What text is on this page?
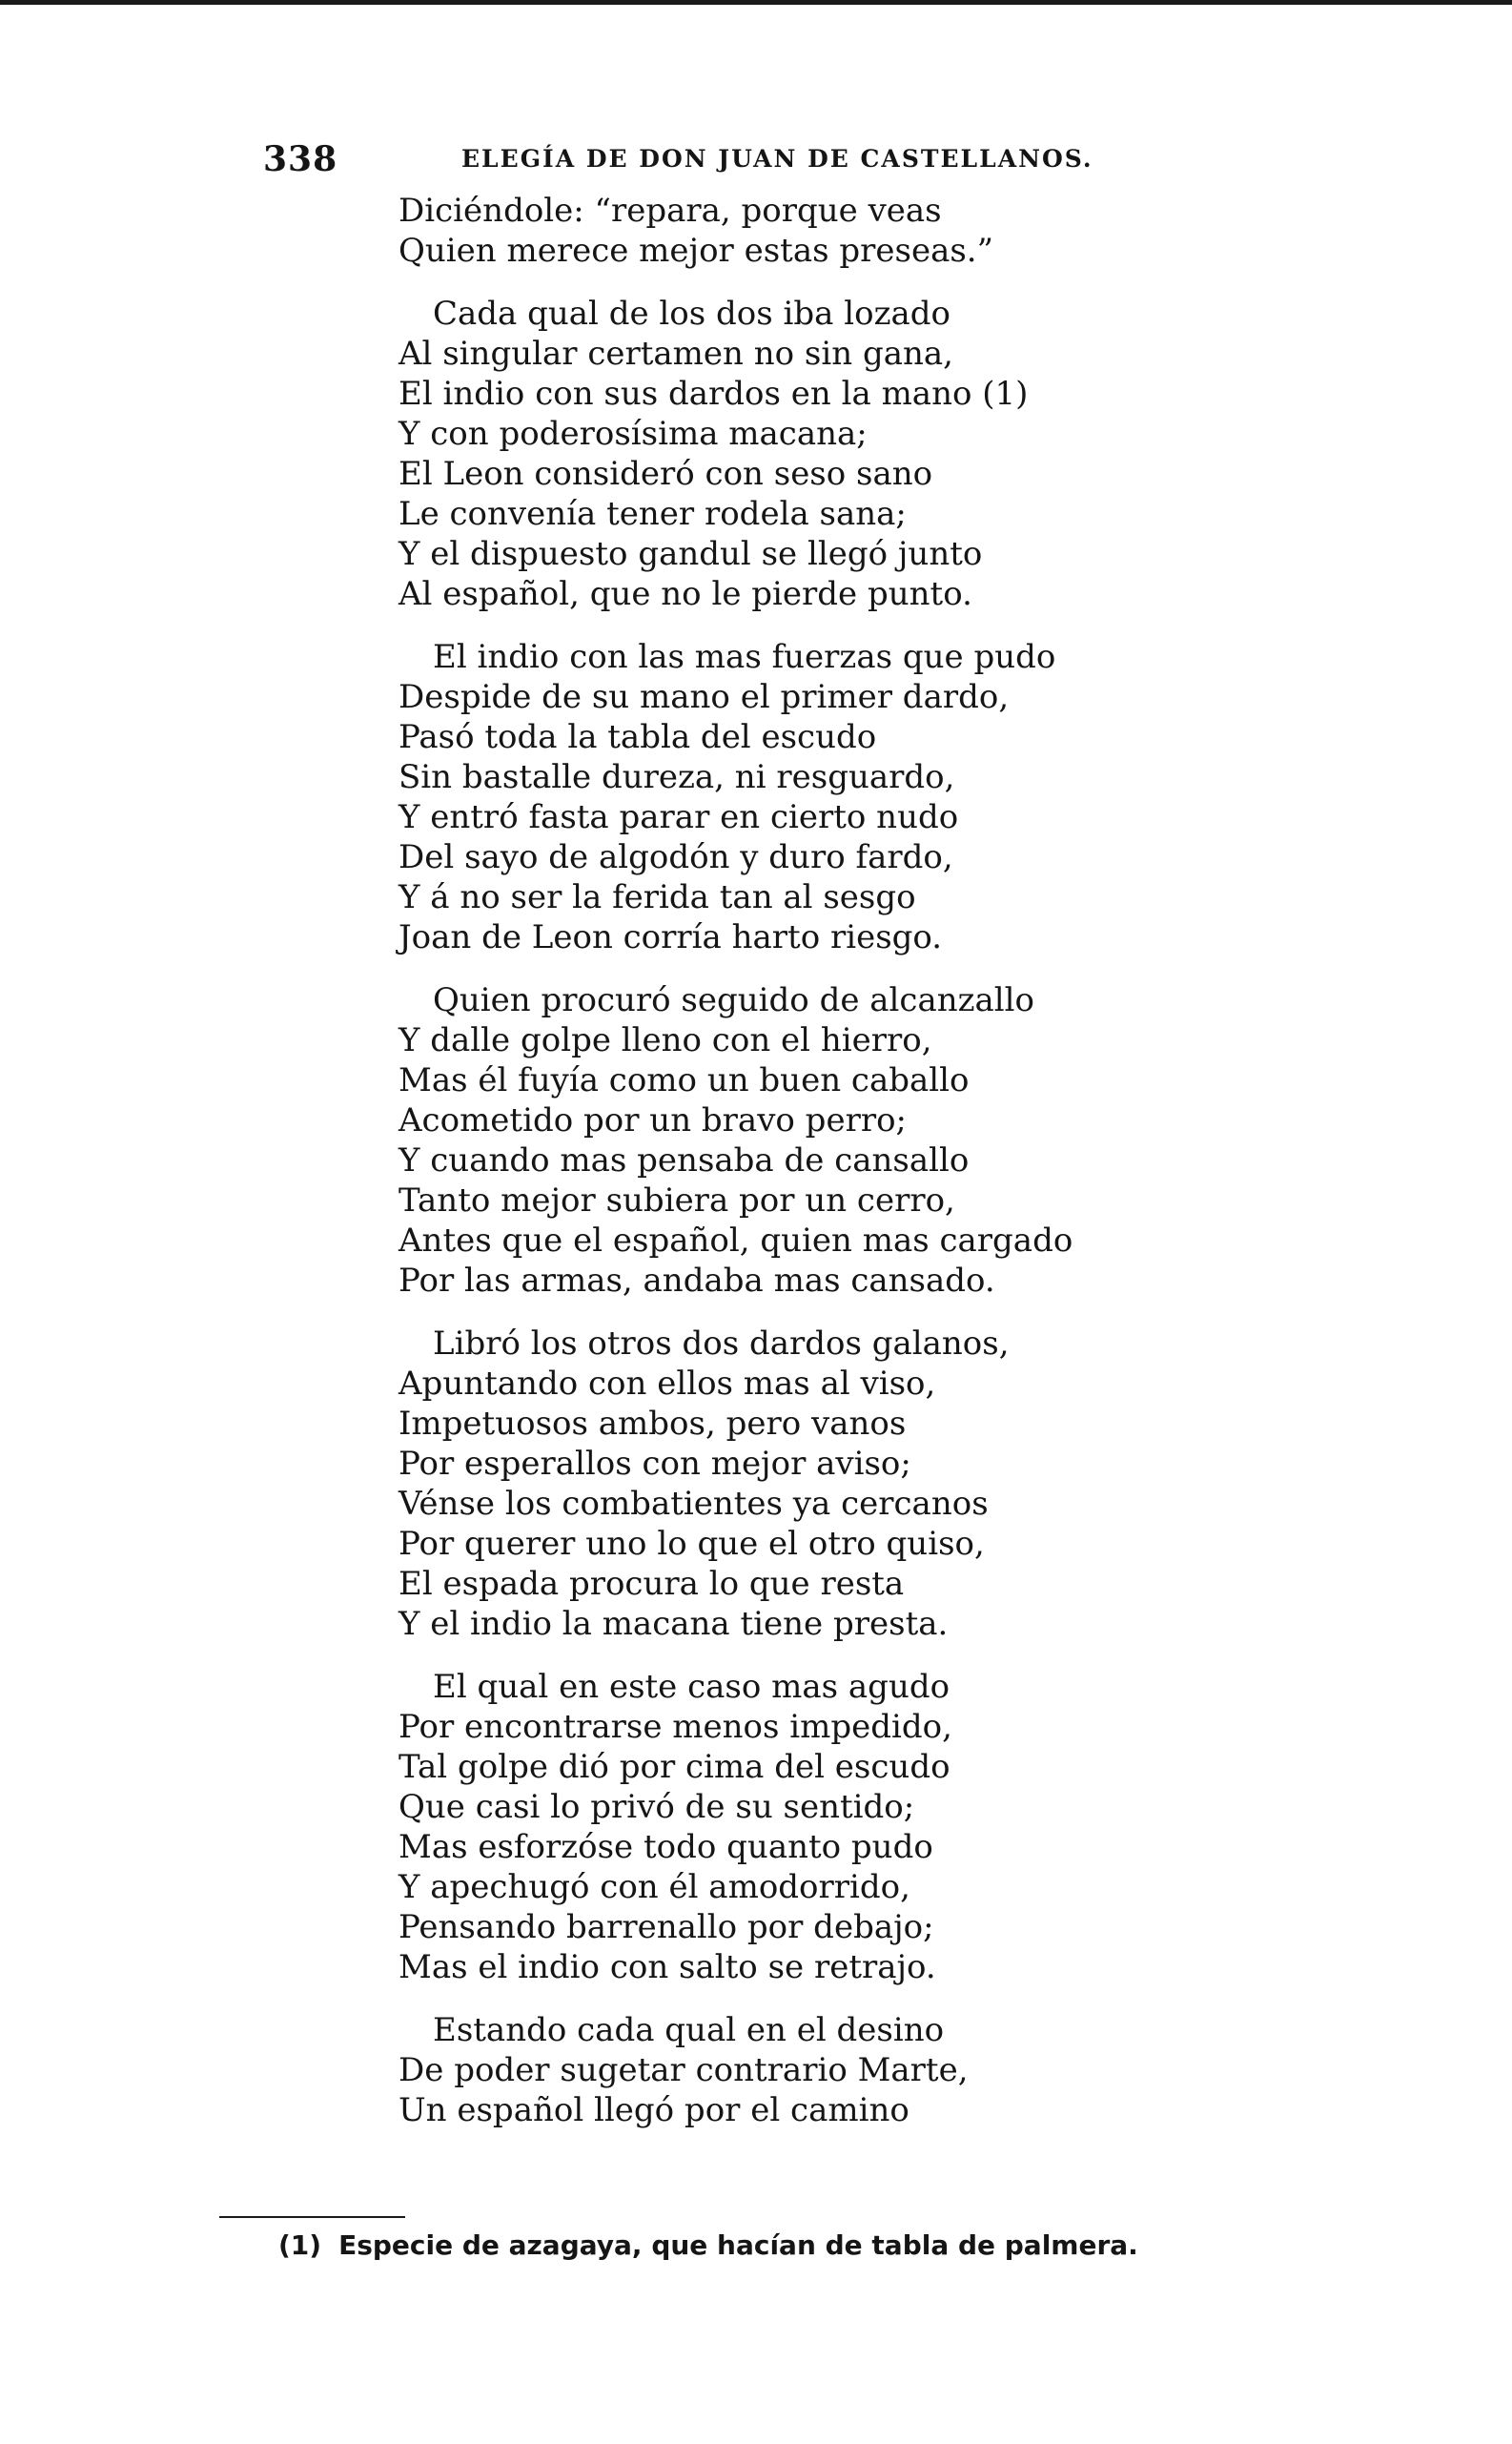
338	ELEGÍA DE DON JUAN DE CASTELLANOS.
Diciéndole: “repara, porque veas
Quien merece mejor estas preseas.”
Cada qual de los dos iba lozado
Al singular certamen no sin gana,
El indio con sus dardos en la mano (1)
Y con poderosísima macana;
El Leon consideró con seso sano
Le convenía tener rodela sana;
Y el dispuesto gandul se llegó junto
Al español, que no le pierde punto.
El indio con las mas fuerzas que pudo
Despide de su mano el primer dardo,
Pasó toda la tabla del escudo
Sin bastalle dureza, ni resguardo,
Y entró fasta parar en cierto nudo
Del sayo de algodón y duro fardo,
Y á no ser la ferida tan al sesgo
Joan de Leon corría harto riesgo.
Quien procuró seguido de alcanzallo
Y dalle golpe lleno con el hierro,
Mas él fuyía como un buen caballo
Acometido por un bravo perro;
Y cuando mas pensaba de cansallo
Tanto mejor subiera por un cerro,
Antes que el español, quien mas cargado
Por las armas, andaba mas cansado.
Libró los otros dos dardos galanos,
Apuntando con ellos mas al viso,
Impetuosos ambos, pero vanos
Por esperallos con mejor aviso;
Vénse los combatientes ya cercanos
Por querer uno lo que el otro quiso,
El espada procura lo que resta
Y el indio la macana tiene presta.
El qual en este caso mas agudo
Por encontrarse menos impedido,
Tal golpe dió por cima del escudo
Que casi lo privó de su sentido;
Mas esforzóse todo quanto pudo
Y apechugó con él amodorrido,
Pensando barrenallo por debajo;
Mas el indio con salto se retrajo.
Estando cada qual en el desino
De poder sugetar contrario Marte,
Un español llegó por el camino
(1) Especie de azagaya, que hacían de tabla de palmera.
